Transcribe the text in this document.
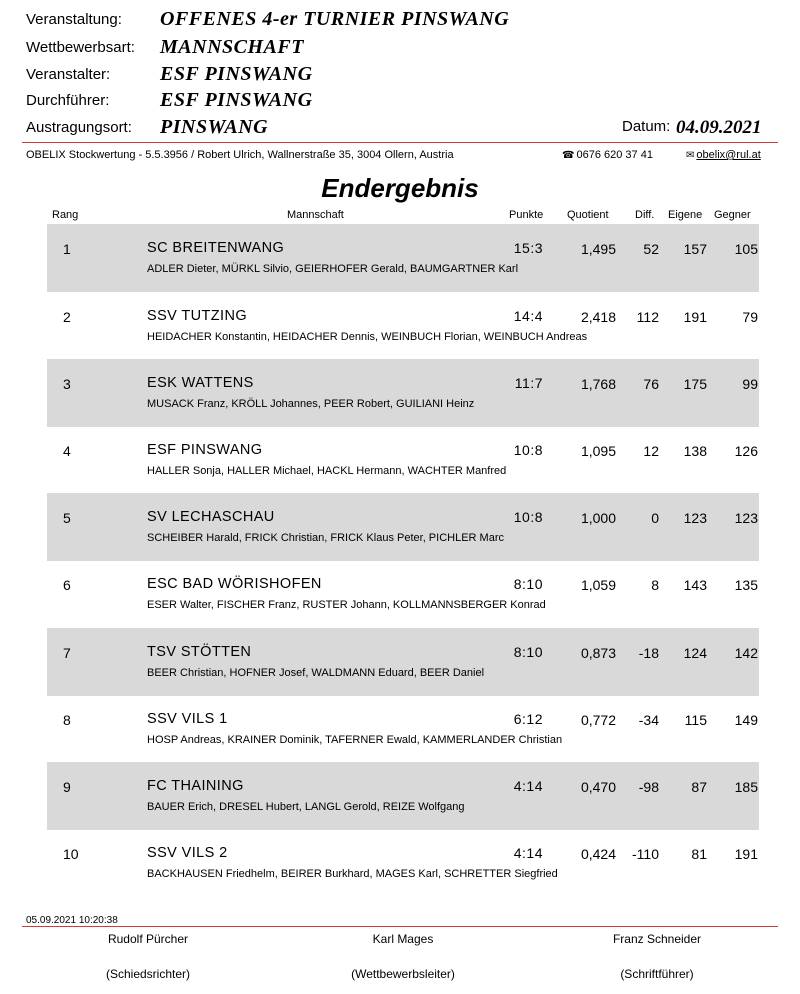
Veranstaltung: OFFENES 4-er TURNIER PINSWANG
Wettbewerbsart: MANNSCHAFT
Veranstalter: ESF PINSWANG
Durchführer:	ESF PINSWANG
Austragungsort: PINSWANG	Datum: 04.09.2021
OBELIX Stockwertung - 5.5.3956 / Robert Ulrich, Wallnerstraße 35, 3004 Ollern, Austria	☎ 0676 620 37 41	✉ obelix@rul.at
Endergebnis
Rang	Mannschaft	Punkte Quotient Diff. Eigene Gegner
1	SC BREITENWANG
ADLER Dieter, MÜRKL Silvio, GEIERHOFER Gerald, BAUMGARTNER Karl
15:3	1,495 52 157 105
2	SSV TUTZING
HEIDACHER Konstantin, HEIDACHER Dennis, WEINBUCH Florian, WEINBUCH Andreas
14:4	2,418 112 191	79
3	ESK WATTENS
MUSACK Franz, KRÖLL Johannes, PEER Robert, GUILIANI Heinz
11:7	1,768 76 175	99
4	ESF PINSWANG
HALLER Sonja, HALLER Michael, HACKL Hermann, WACHTER Manfred
10:8	1,095 12 138 126
5	SV LECHASCHAU
SCHEIBER Harald, FRICK Christian, FRICK Klaus Peter, PICHLER Marc
10:8	1,000	0 123 123
6	ESC BAD WÖRISHOFEN
ESER Walter, FISCHER Franz, RUSTER Johann, KOLLMANNSBERGER Konrad
8:10	1,059	8 143 135
7	TSV STÖTTEN
BEER Christian, HOFNER Josef, WALDMANN Eduard, BEER Daniel
8:10	0,873 -18 124 142
8	SSV VILS 1
HOSP Andreas, KRAINER Dominik, TAFERNER Ewald, KAMMERLANDER Christian
6:12	0,772 -34 115 149
9	FC THAINING
BAUER Erich, DRESEL Hubert, LANGL Gerold, REIZE Wolfgang
4:14	0,470 -98 87 185
10	SSV VILS 2
BACKHAUSEN Friedhelm, BEIRER Burkhard, MAGES Karl, SCHRETTER Siegfried
4:14	0,424 -110 81 191
05.09.2021 10:20:38
Rudolf Pürcher
(Schiedsrichter)
Karl Mages
(Wettbewerbsleiter)
Franz Schneider
(Schriftführer)
